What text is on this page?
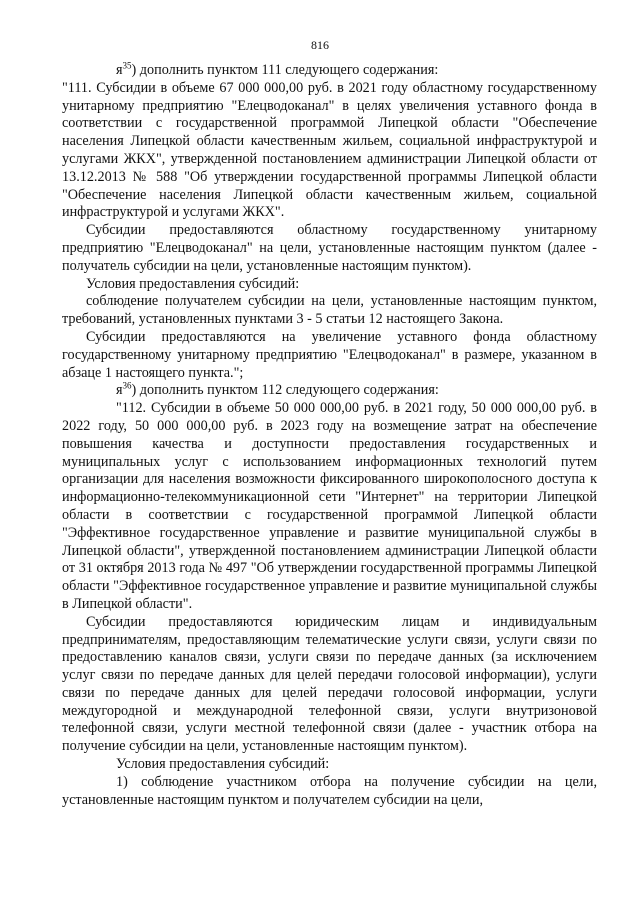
816

$я^{35}$) дополнить пунктом 111 следующего содержания:

"111. Субсидии в объеме 67 000 000,00 руб. в 2021 году областному государственному унитарному предприятию "Елецводоканал" в целях увеличения уставного фонда в соответствии с государственной программой Липецкой области "Обеспечение населения Липецкой области качественным жильем, социальной инфраструктурой и услугами ЖКХ", утвержденной постановлением администрации Липецкой области от 13.12.2013 № 588 "Об утверждении государственной программы Липецкой области "Обеспечение населения Липецкой области качественным жильем, социальной инфраструктурой и услугами ЖКХ".

Субсидии предоставляются областному государственному унитарному предприятию "Елецводоканал" на цели, установленные настоящим пунктом (далее - получатель субсидии на цели, установленные настоящим пунктом).

Условия предоставления субсидий:

соблюдение получателем субсидии на цели, установленные настоящим пунктом, требований, установленных пунктами 3 - 5 статьи 12 настоящего Закона.

Субсидии предоставляются на увеличение уставного фонда областному государственному унитарному предприятию "Елецводоканал" в размере, указанном в абзаце 1 настоящего пункта.";

$я^{36}$) дополнить пунктом 112 следующего содержания:

"112. Субсидии в объеме 50 000 000,00 руб. в 2021 году, 50 000 000,00 руб. в 2022 году, 50 000 000,00 руб. в 2023 году на возмещение затрат на обеспечение повышения качества и доступности предоставления государственных и муниципальных услуг с использованием информационных технологий путем организации для населения возможности фиксированного широкополосного доступа к информационно-телекоммуникационной сети "Интернет" на территории Липецкой области в соответствии с государственной программой Липецкой области "Эффективное государственное управление и развитие муниципальной службы в Липецкой области", утвержденной постановлением администрации Липецкой области от 31 октября 2013 года № 497 "Об утверждении государственной программы Липецкой области "Эффективное государственное управление и развитие муниципальной службы в Липецкой области".

Субсидии предоставляются юридическим лицам и индивидуальным предпринимателям, предоставляющим телематические услуги связи, услуги связи по предоставлению каналов связи, услуги связи по передаче данных (за исключением услуг связи по передаче данных для целей передачи голосовой информации), услуги связи по передаче данных для целей передачи голосовой информации, услуги междугородной и международной телефонной связи, услуги внутризоновой телефонной связи, услуги местной телефонной связи (далее - участник отбора на получение субсидии на цели, установленные настоящим пунктом).

Условия предоставления субсидий:

1) соблюдение участником отбора на получение субсидии на цели, установленные настоящим пунктом и получателем субсидии на цели,
